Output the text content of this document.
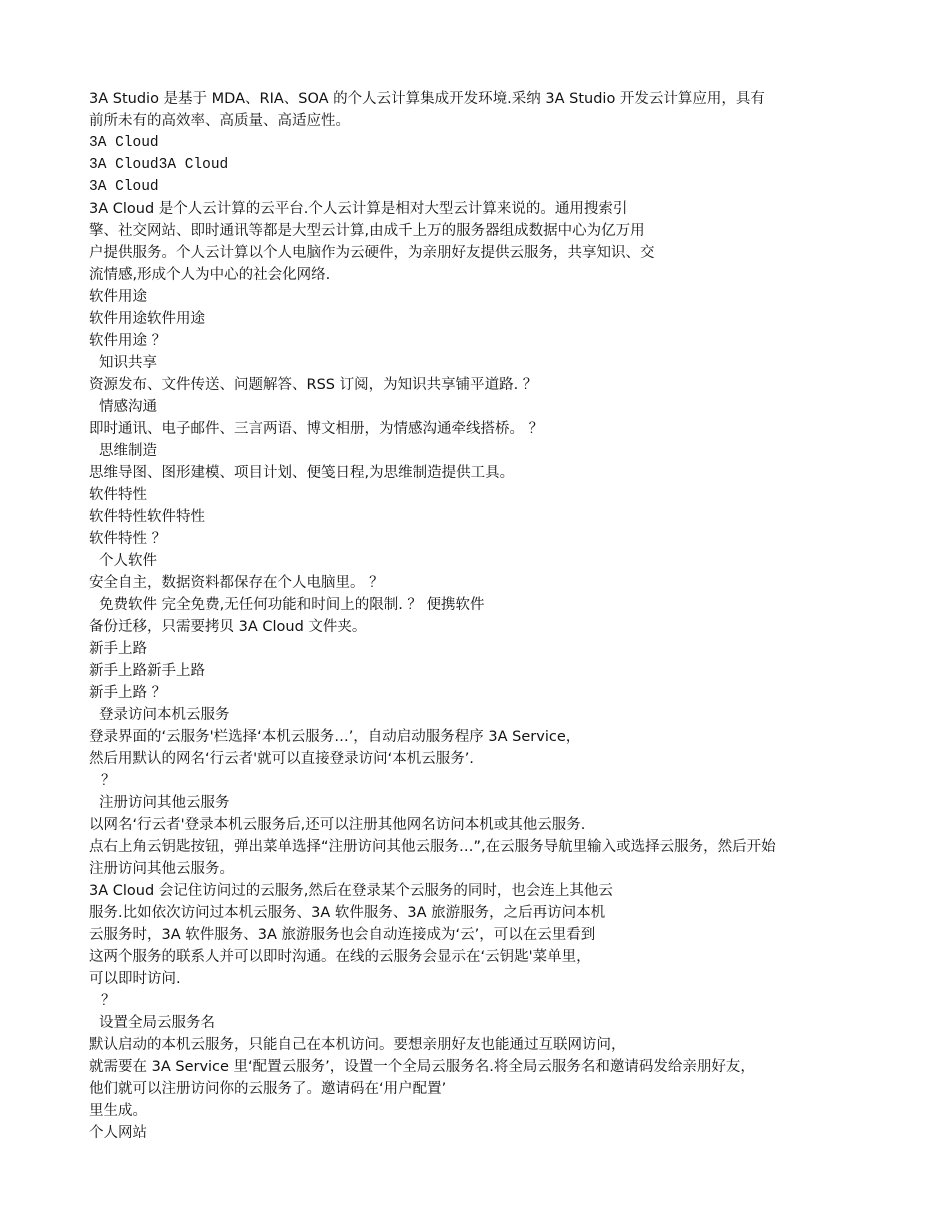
3A Studio 是基于 MDA、RIA、SOA 的个人云计算集成开发环境.采纳 3A Studio 开发云计算应用，具有
前所未有的高效率、高质量、高适应性。
3A Cloud
3A Cloud3A Cloud
3A Cloud
3A Cloud 是个人云计算的云平台.个人云计算是相对大型云计算来说的。通用搜索引
擎、社交网站、即时通讯等都是大型云计算,由成千上万的服务器组成数据中心为亿万用
户提供服务。个人云计算以个人电脑作为云硬件，为亲朋好友提供云服务，共享知识、交
流情感,形成个人为中心的社会化网络.
软件用途
软件用途软件用途
软件用途 ？
知识共享
资源发布、文件传送、问题解答、RSS 订阅，为知识共享铺平道路. ？
情感沟通
即时通讯、电子邮件、三言两语、博文相册，为情感沟通牵线搭桥。 ？
思维制造
思维导图、图形建模、项目计划、便笺日程,为思维制造提供工具。
软件特性
软件特性软件特性
软件特性 ？
个人软件
安全自主，数据资料都保存在个人电脑里。 ？
免费软件 完全免费,无任何功能和时间上的限制. ？ 便携软件
备份迁移，只需要拷贝 3A Cloud 文件夹。
新手上路
新手上路新手上路
新手上路 ？
登录访问本机云服务
登录界面的‘云服务'栏选择‘本机云服务…’，自动启动服务程序 3A Service，
然后用默认的网名‘行云者'就可以直接登录访问‘本机云服务’.
？
注册访问其他云服务
以网名‘行云者'登录本机云服务后,还可以注册其他网名访问本机或其他云服务.
点右上角云钥匙按钮，弹出菜单选择“注册访问其他云服务…”,在云服务导航里输入或选择云服务，然后开始
注册访问其他云服务。
3A Cloud 会记住访问过的云服务,然后在登录某个云服务的同时，也会连上其他云
服务.比如依次访问过本机云服务、3A 软件服务、3A 旅游服务，之后再访问本机
云服务时，3A 软件服务、3A 旅游服务也会自动连接成为‘云’，可以在云里看到
这两个服务的联系人并可以即时沟通。在线的云服务会显示在‘云钥匙'菜单里，
可以即时访问.
？
设置全局云服务名
默认启动的本机云服务，只能自己在本机访问。要想亲朋好友也能通过互联网访问，
就需要在 3A Service 里‘配置云服务’，设置一个全局云服务名.将全局云服务名和邀请码发给亲朋好友，
他们就可以注册访问你的云服务了。邀请码在‘用户配置’
里生成。
个人网站
